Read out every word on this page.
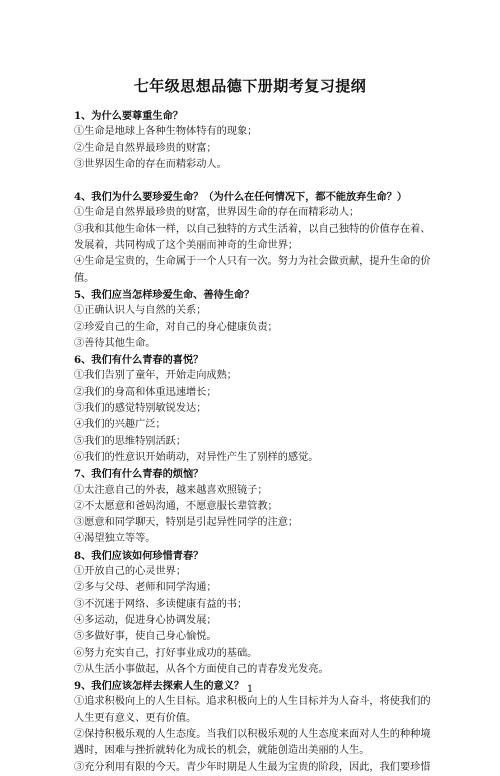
七年级思想品德下册期考复习提纲
1、为什么要尊重生命？
①生命是地球上各种生物体特有的现象；
②生命是自然界最珍贵的财富；
③世界因生命的存在而精彩动人。
4、我们为什么要珍爱生命？（为什么在任何情况下，都不能放弃生命？）
①生命是自然界最珍贵的财富，世界因生命的存在而精彩动人；
③我和其他生命体一样，以自己独特的方式生活着，以自己独特的价值存在着、发展着，共同构成了这个美丽而神奇的生命世界；
④生命是宝贵的，生命属于一个人只有一次。努力为社会做贡献，提升生命的价值。
5、我们应当怎样珍爱生命、善待生命？
①正确认识人与自然的关系；
②珍爱自己的生命，对自己的身心健康负责；
③善待其他生命。
6、我们有什么青春的喜悦？
①我们告别了童年，开始走向成熟；
②我们的身高和体重迅速增长；
③我们的感觉特别敏锐发达；
④我们的兴趣广泛；
⑤我们的思维特别活跃；
⑥我们的性意识开始萌动，对异性产生了别样的感觉。
7、我们有什么青春的烦恼？
①太注意自己的外表，越来越喜欢照镜子；
②不太愿意和爸妈沟通，不愿意服长辈管教；
③愿意和同学聊天，特别是引起异性同学的注意；
④渴望独立等等。
8、我们应该如何珍惜青春？
①开放自己的心灵世界；
②多与父母、老师和同学沟通；
③不沉迷于网络、多读健康有益的书；
④多运动，促进身心协调发展；
⑤多做好事，使自己身心愉悦。
⑥努力充实自己，打好事业成功的基础。
⑦从生活小事做起，从各个方面使自己的青春发光发亮。
9、我们应该怎样去探索人生的意义？
①追求积极向上的人生目标。追求积极向上的人生目标并为人奋斗，将使我们的人生更有意义、更有价值。
②保持积极乐观的人生态度。当我们以积极乐观的人生态度来面对人生的种种境遇时，困难与挫折就转化为成长的机会，就能创造出美丽的人生。
③充分利用有限的今天。青少年时期是人生最为宝贵的阶段，因此，我们要珍惜
1
